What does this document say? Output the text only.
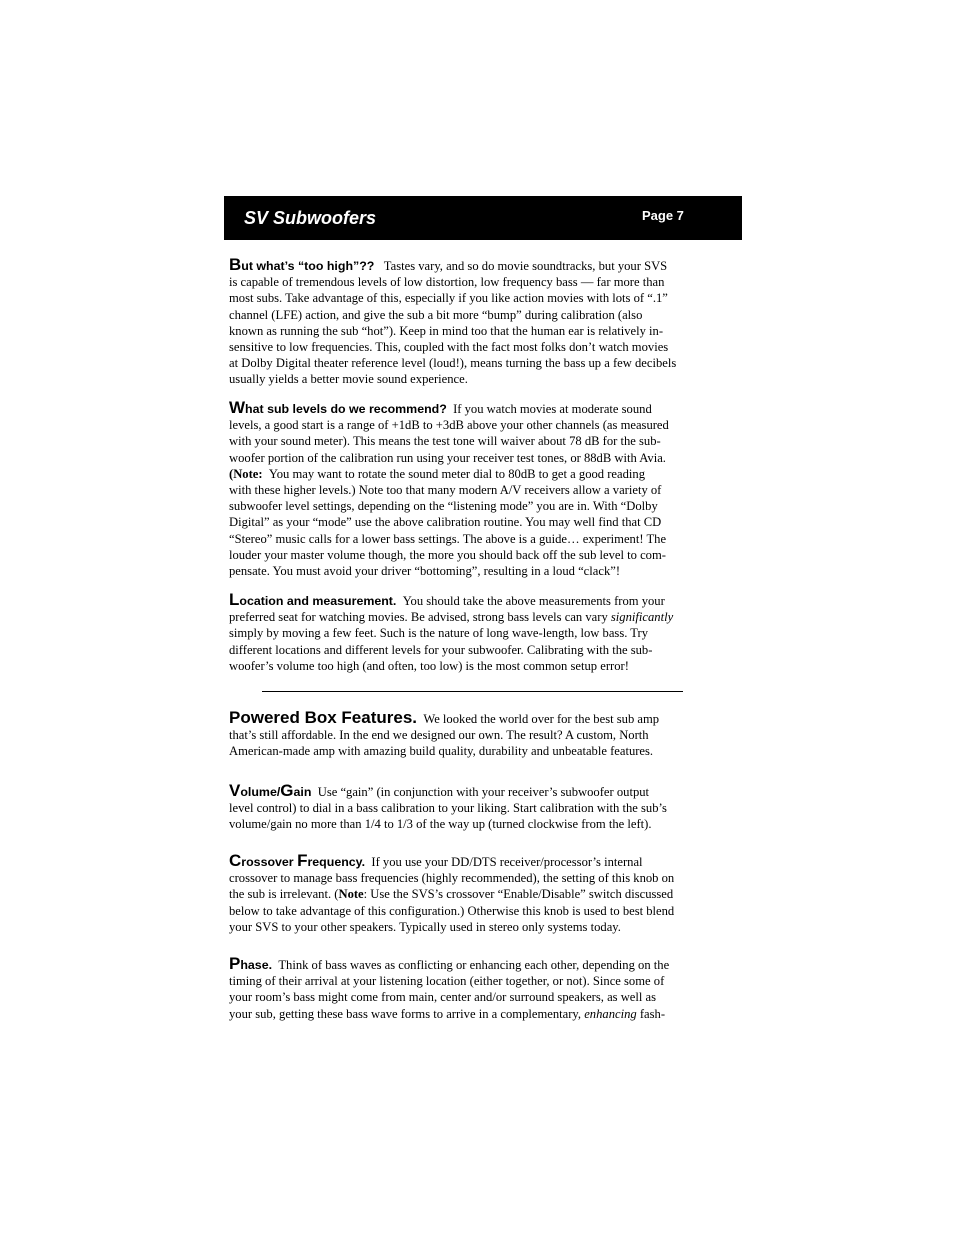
SV Subwoofers	Page 7
But what’s “too high”?? Tastes vary, and so do movie soundtracks, but your SVS
is capable of tremendous levels of low distortion, low frequency bass — far more than
most subs. Take advantage of this, especially if you like action movies with lots of “.1”
channel (LFE) action, and give the sub a bit more “bump” during calibration (also
known as running the sub “hot”). Keep in mind too that the human ear is relatively in-
sensitive to low frequencies. This, coupled with the fact most folks don’t watch movies
at Dolby Digital theater reference level (loud!), means turning the bass up a few decibels
usually yields a better movie sound experience.
What sub levels do we recommend? If you watch movies at moderate sound
levels, a good start is a range of +1dB to +3dB above your other channels (as measured
with your sound meter). This means the test tone will waiver about 78 dB for the sub-
woofer portion of the calibration run using your receiver test tones, or 88dB with Avia.
(Note: You may want to rotate the sound meter dial to 80dB to get a good reading
with these higher levels.) Note too that many modern A/V receivers allow a variety of
subwoofer level settings, depending on the “listening mode” you are in. With “Dolby
Digital” as your “mode” use the above calibration routine. You may well find that CD
“Stereo” music calls for a lower bass settings. The above is a guide… experiment! The
louder your master volume though, the more you should back off the sub level to com-
pensate. You must avoid your driver “bottoming”, resulting in a loud “clack”!
Location and measurement. You should take the above measurements from your
preferred seat for watching movies. Be advised, strong bass levels can vary significantly
simply by moving a few feet. Such is the nature of long wave-length, low bass. Try
different locations and different levels for your subwoofer. Calibrating with the sub-
woofer’s volume too high (and often, too low) is the most common setup error!
Powered Box Features. We looked the world over for the best sub amp
that’s still affordable. In the end we designed our own. The result? A custom, North
American-made amp with amazing build quality, durability and unbeatable features.
Volume/Gain Use “gain” (in conjunction with your receiver’s subwoofer output
level control) to dial in a bass calibration to your liking. Start calibration with the sub’s
volume/gain no more than 1/4 to 1/3 of the way up (turned clockwise from the left).
Crossover Frequency. If you use your DD/DTS receiver/processor’s internal
crossover to manage bass frequencies (highly recommended), the setting of this knob on
the sub is irrelevant. (Note: Use the SVS’s crossover “Enable/Disable” switch discussed
below to take advantage of this configuration.) Otherwise this knob is used to best blend
your SVS to your other speakers. Typically used in stereo only systems today.
Phase. Think of bass waves as conflicting or enhancing each other, depending on the
timing of their arrival at your listening location (either together, or not). Since some of
your room’s bass might come from main, center and/or surround speakers, as well as
your sub, getting these bass wave forms to arrive in a complementary, enhancing fash-
